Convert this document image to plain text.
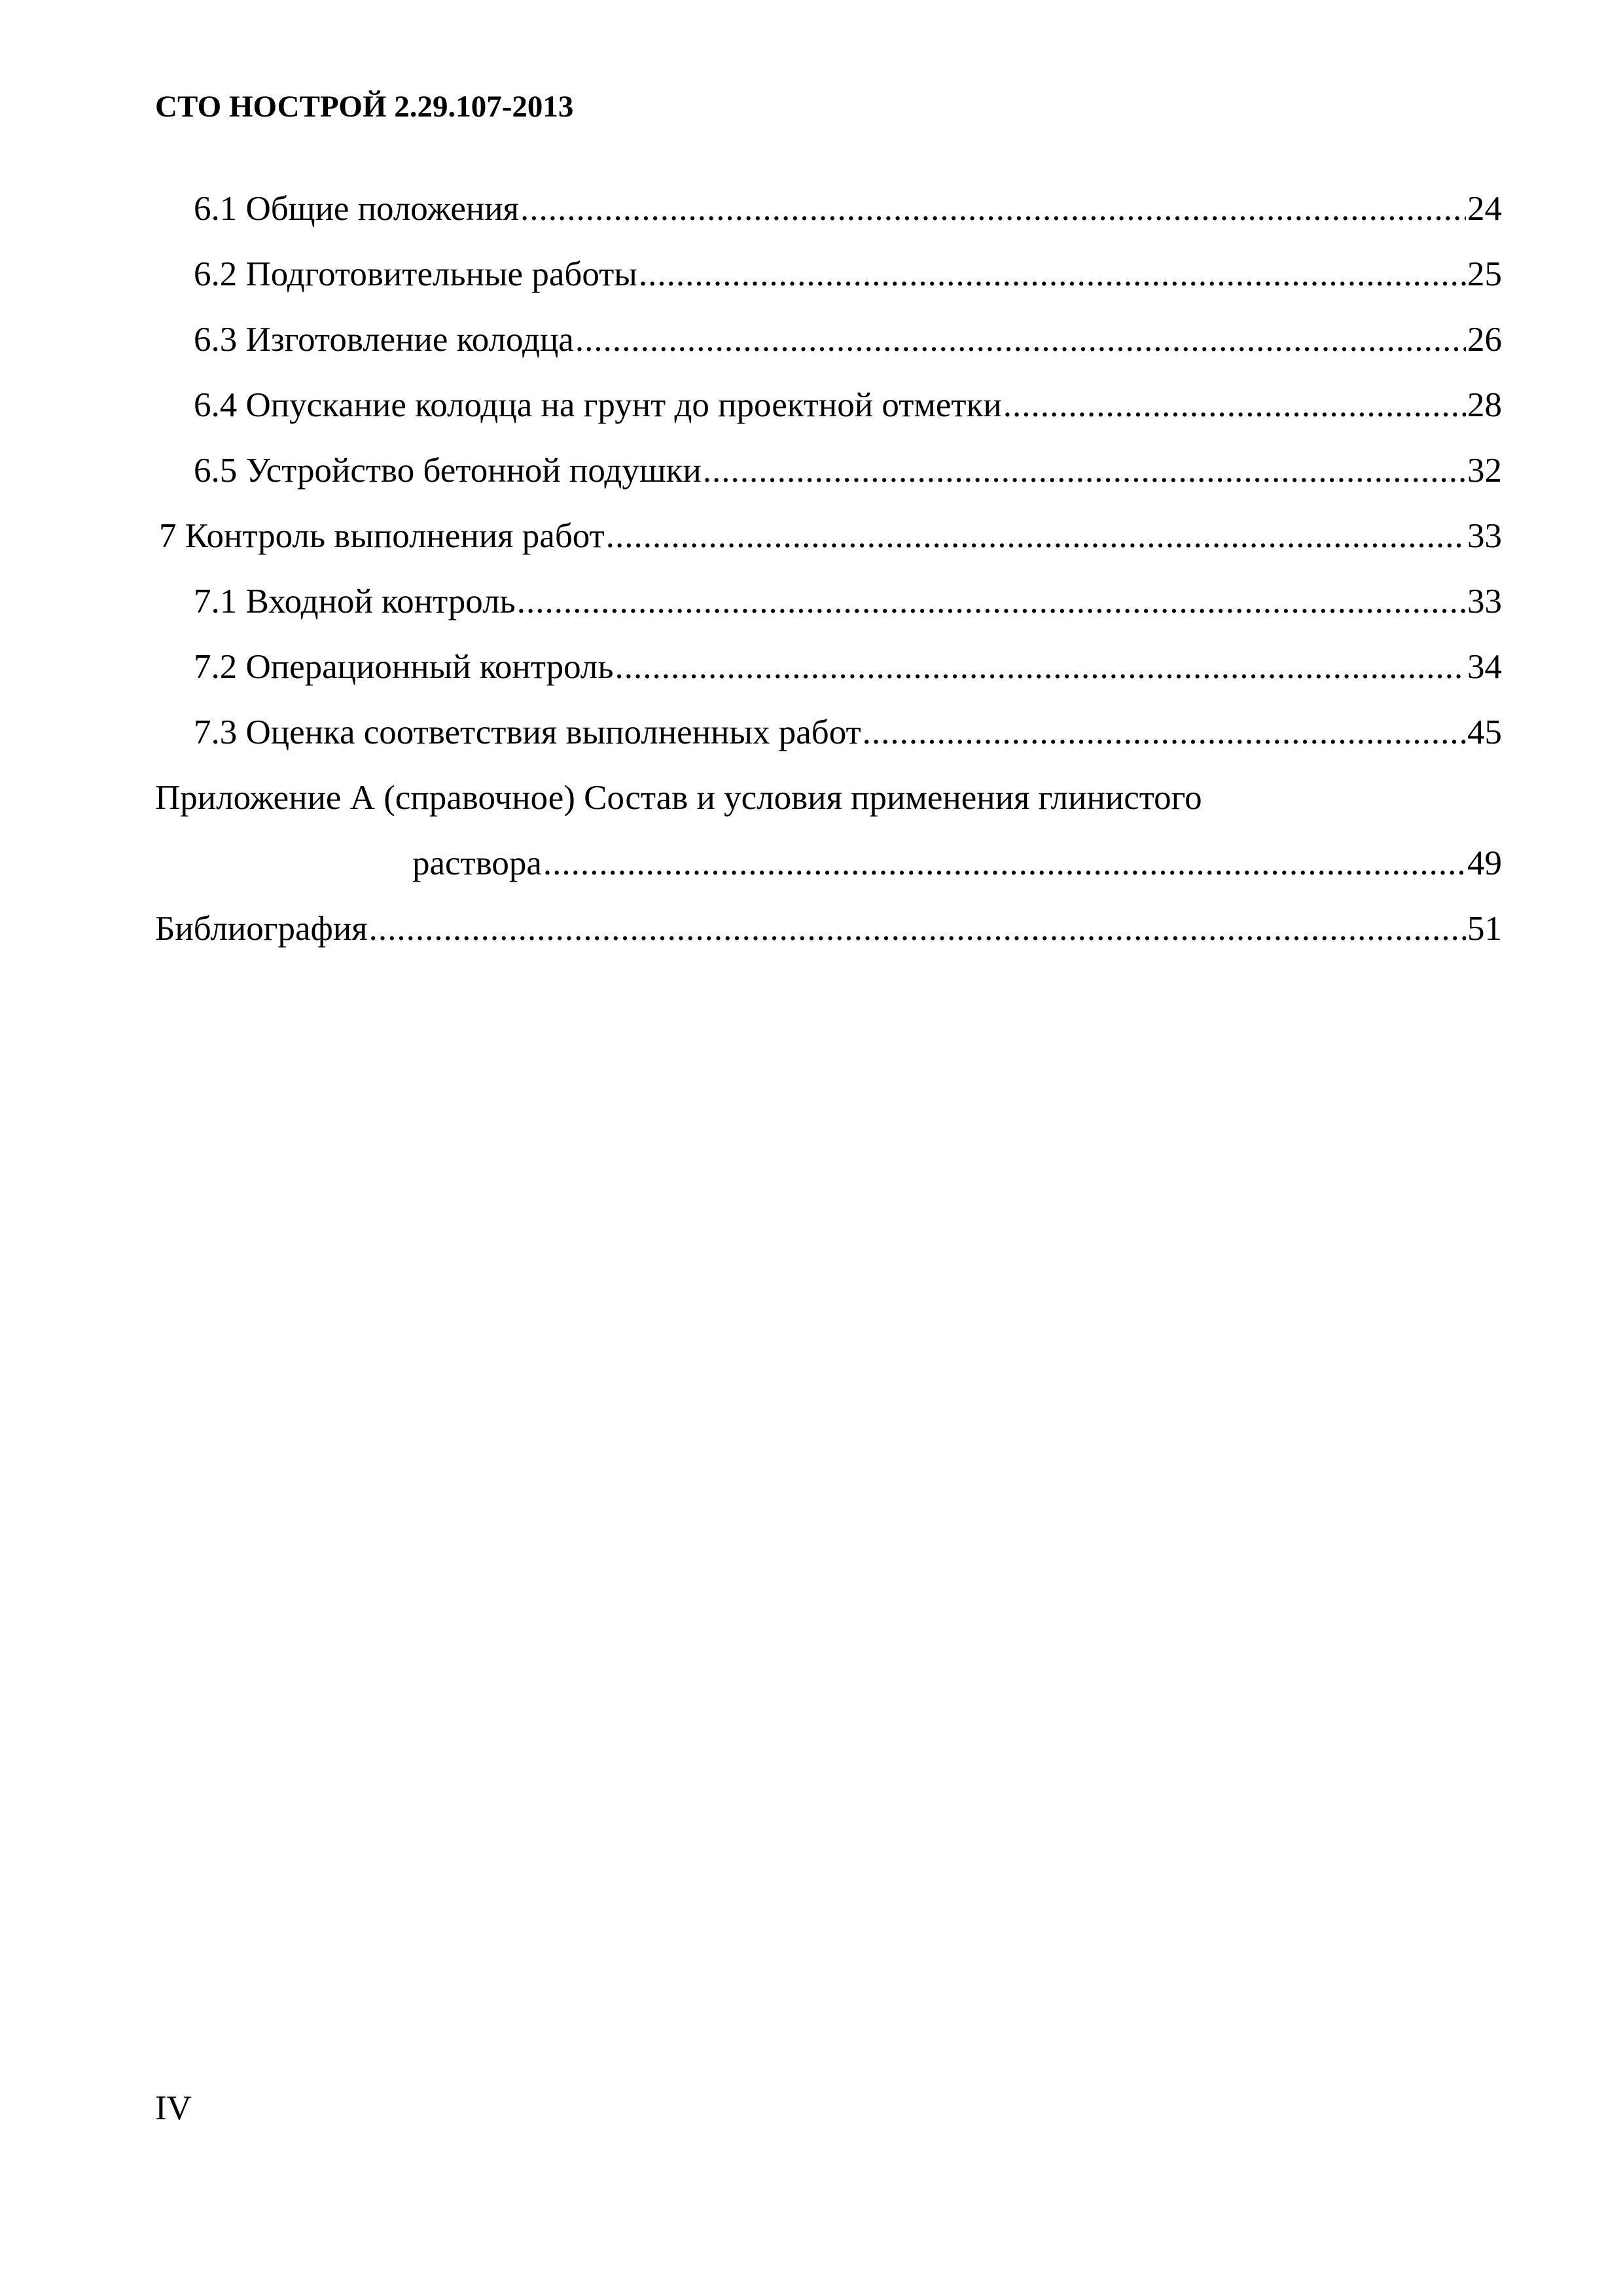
СТО НОСТРОЙ 2.29.107-2013
6.1 Общие положения .....	24
6.2 Подготовительные работы .....	25
6.3 Изготовление колодца .....	26
6.4 Опускание колодца на грунт до проектной отметки .....	28
6.5 Устройство бетонной подушки .....	32
7 Контроль выполнения работ .....	33
7.1 Входной контроль .....	33
7.2 Операционный контроль .....	34
7.3 Оценка соответствия выполненных работ .....	45
Приложение А (справочное) Состав и условия применения глинистого
раствора .....	49
Библиография .....	51
IV
